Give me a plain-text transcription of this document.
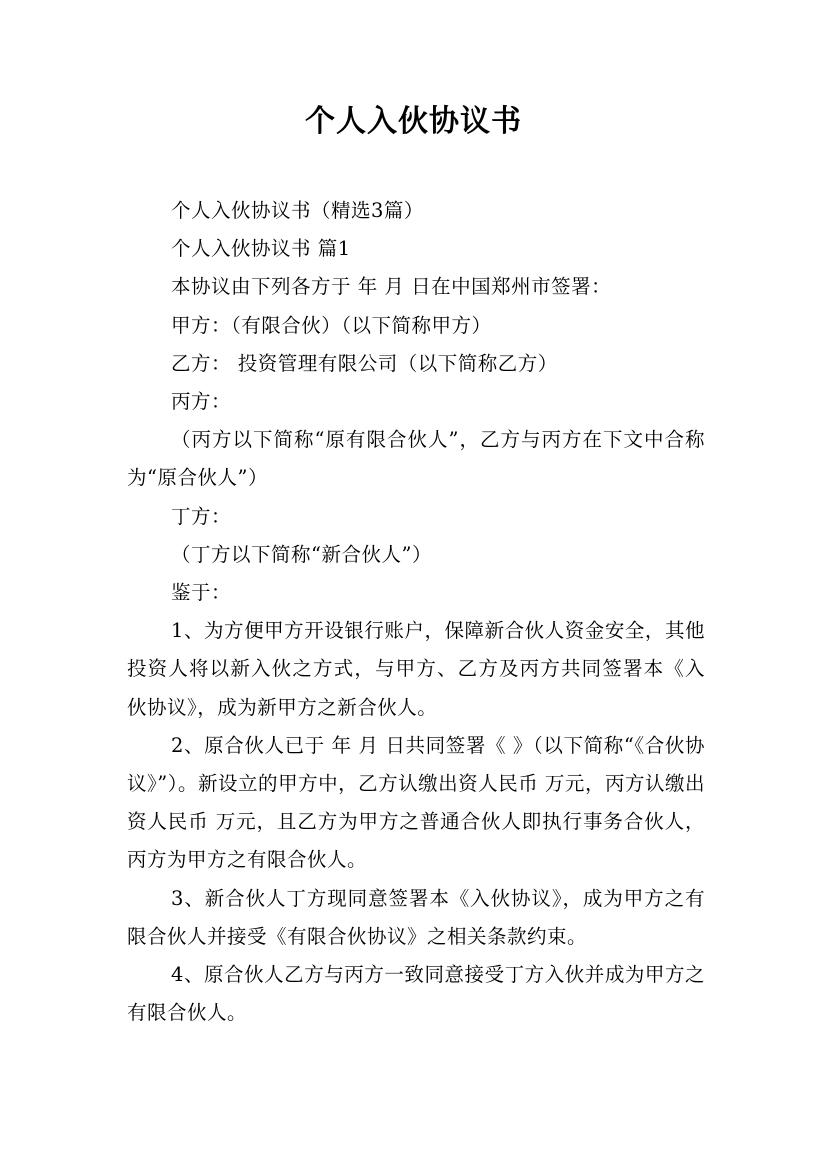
个人入伙协议书

个人入伙协议书（精选3篇）

个人入伙协议书 篇1

本协议由下列各方于 年 月 日在中国郑州市签署：

甲方：（有限合伙）（以下简称甲方）

乙方： 投资管理有限公司（以下简称乙方）

丙方：

（丙方以下简称“原有限合伙人”，乙方与丙方在下文中合称为“原合伙人”）

丁方：

（丁方以下简称“新合伙人”）

鉴于：

1、为方便甲方开设银行账户，保障新合伙人资金安全，其他投资人将以新入伙之方式，与甲方、乙方及丙方共同签署本《入伙协议》，成为新甲方之新合伙人。

2、原合伙人已于 年 月 日共同签署《 》（以下简称“《合伙协议》”）。新设立的甲方中，乙方认缴出资人民币 万元，丙方认缴出资人民币 万元，且乙方为甲方之普通合伙人即执行事务合伙人，丙方为甲方之有限合伙人。

3、新合伙人丁方现同意签署本《入伙协议》，成为甲方之有限合伙人并接受《有限合伙协议》之相关条款约束。

4、原合伙人乙方与丙方一致同意接受丁方入伙并成为甲方之有限合伙人。
